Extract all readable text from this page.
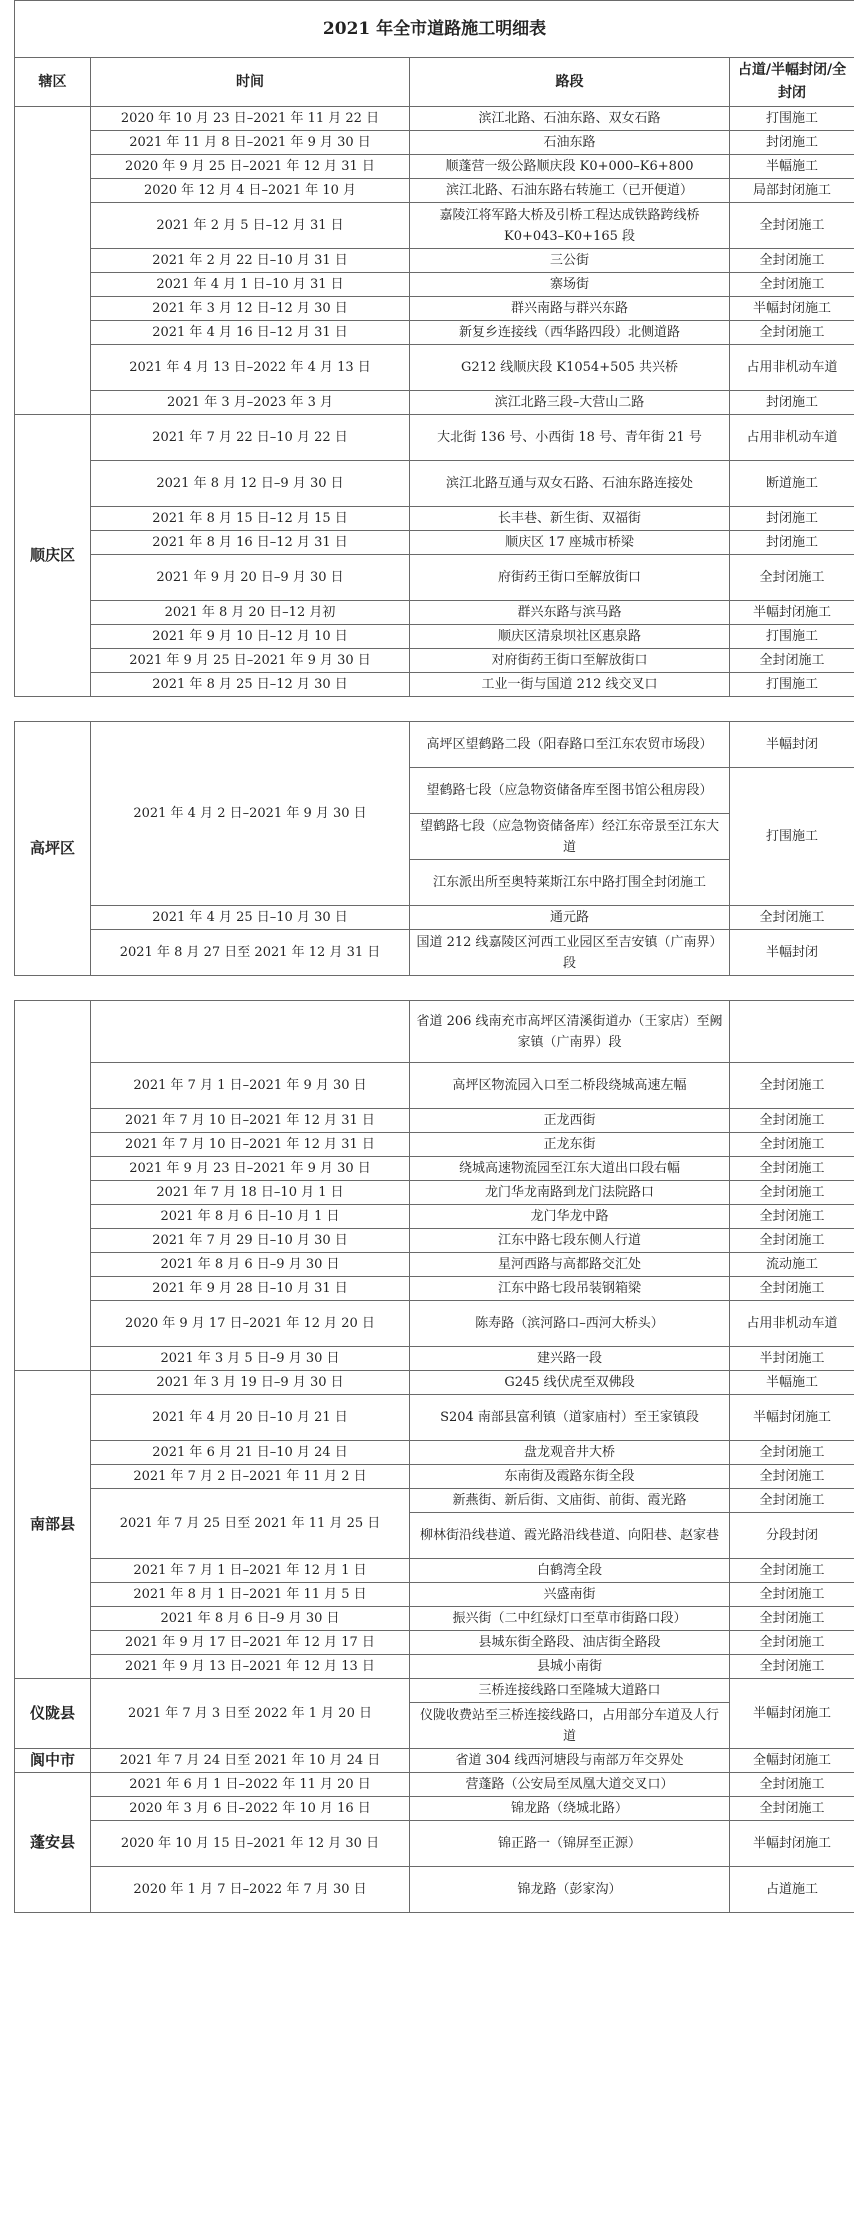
2021 年全市道路施工明细表			
辖区	时间	路段	占道/半幅封闭/全封闭
	2020 年 10 月 23 日–2021 年 11 月 22 日	滨江北路、石油东路、双女石路	打围施工
	2021 年 11 月 8 日–2021 年 9 月 30 日	石油东路	封闭施工
	2020 年 9 月 25 日–2021 年 12 月 31 日	顺蓬营一级公路顺庆段 K0+000–K6+800	半幅施工
	2020 年 12 月 4 日–2021 年 10 月	滨江北路、石油东路右转施工（已开便道）	局部封闭施工
	2021 年 2 月 5 日–12 月 31 日	嘉陵江将军路大桥及引桥工程达成铁路跨线桥 K0+043–K0+165 段	全封闭施工
	2021 年 2 月 22 日–10 月 31 日	三公街	全封闭施工
	2021 年 4 月 1 日–10 月 31 日	寨场街	全封闭施工
	2021 年 3 月 12 日–12 月 30 日	群兴南路与群兴东路	半幅封闭施工
	2021 年 4 月 16 日–12 月 31 日	新复乡连接线（西华路四段）北侧道路	全封闭施工
	2021 年 4 月 13 日–2022 年 4 月 13 日	G212 线顺庆段 K1054+505 共兴桥	占用非机动车道
	2021 年 3 月–2023 年 3 月	滨江北路三段–大营山二路	封闭施工
顺庆区	2021 年 7 月 22 日–10 月 22 日	大北街 136 号、小西街 18 号、青年街 21 号	占用非机动车道
	2021 年 8 月 12 日–9 月 30 日	滨江北路互通与双女石路、石油东路连接处	断道施工
	2021 年 8 月 15 日–12 月 15 日	长丰巷、新生街、双福街	封闭施工
	2021 年 8 月 16 日–12 月 31 日	顺庆区 17 座城市桥梁	封闭施工
	2021 年 9 月 20 日–9 月 30 日	府街药王街口至解放街口	全封闭施工
	2021 年 8 月 20 日–12 月初	群兴东路与滨马路	半幅封闭施工
	2021 年 9 月 10 日–12 月 10 日	顺庆区清泉坝社区惠泉路	打围施工
	2021 年 9 月 25 日–2021 年 9 月 30 日	对府街药王街口至解放街口	全封闭施工
	2021 年 8 月 25 日–12 月 30 日	工业一街与国道 212 线交叉口	打围施工

高坪区	2021 年 4 月 2 日–2021 年 9 月 30 日	高坪区望鹤路二段（阳春路口至江东农贸市场段）	半幅封闭
		望鹤路七段（应急物资储备库至图书馆公租房段）	打围施工
		望鹤路七段（应急物资储备库）经江东帝景至江东大道	
		江东派出所至奥特莱斯江东中路打围全封闭施工	
	2021 年 4 月 25 日–10 月 30 日	通元路	全封闭施工
	2021 年 8 月 27 日至 2021 年 12 月 31 日	国道 212 线嘉陵区河西工业园区至吉安镇（广南界）段	半幅封闭

		省道 206 线南充市高坪区清溪街道办（王家店）至阙家镇（广南界）段	
	2021 年 7 月 1 日–2021 年 9 月 30 日	高坪区物流园入口至二桥段绕城高速左幅	全封闭施工
	2021 年 7 月 10 日–2021 年 12 月 31 日	正龙西街	全封闭施工
	2021 年 7 月 10 日–2021 年 12 月 31 日	正龙东街	全封闭施工
	2021 年 9 月 23 日–2021 年 9 月 30 日	绕城高速物流园至江东大道出口段右幅	全封闭施工
	2021 年 7 月 18 日–10 月 1 日	龙门华龙南路到龙门法院路口	全封闭施工
	2021 年 8 月 6 日–10 月 1 日	龙门华龙中路	全封闭施工
	2021 年 7 月 29 日–10 月 30 日	江东中路七段东侧人行道	全封闭施工
	2021 年 8 月 6 日–9 月 30 日	星河西路与高都路交汇处	流动施工
	2021 年 9 月 28 日–10 月 31 日	江东中路七段吊装钢箱梁	全封闭施工
	2020 年 9 月 17 日–2021 年 12 月 20 日	陈寿路（滨河路口–西河大桥头）	占用非机动车道
	2021 年 3 月 5 日–9 月 30 日	建兴路一段	半封闭施工
南部县	2021 年 3 月 19 日–9 月 30 日	G245 线伏虎至双佛段	半幅施工
	2021 年 4 月 20 日–10 月 21 日	S204 南部县富利镇（道家庙村）至王家镇段	半幅封闭施工
	2021 年 6 月 21 日–10 月 24 日	盘龙观音井大桥	全封闭施工
	2021 年 7 月 2 日–2021 年 11 月 2 日	东南街及霞路东街全段	全封闭施工
	2021 年 7 月 25 日至 2021 年 11 月 25 日	新燕街、新后街、文庙街、前街、霞光路	全封闭施工
		柳林街沿线巷道、霞光路沿线巷道、向阳巷、赵家巷	分段封闭
	2021 年 7 月 1 日–2021 年 12 月 1 日	白鹤湾全段	全封闭施工
	2021 年 8 月 1 日–2021 年 11 月 5 日	兴盛南街	全封闭施工
	2021 年 8 月 6 日–9 月 30 日	振兴街（二中红绿灯口至草市街路口段）	全封闭施工
	2021 年 9 月 17 日–2021 年 12 月 17 日	县城东街全路段、油店街全路段	全封闭施工
	2021 年 9 月 13 日–2021 年 12 月 13 日	县城小南街	全封闭施工
仪陇县	2021 年 7 月 3 日至 2022 年 1 月 20 日	三桥连接线路口至隆城大道路口	半幅封闭施工
		仪陇收费站至三桥连接线路口，占用部分车道及人行道	
阆中市	2021 年 7 月 24 日至 2021 年 10 月 24 日	省道 304 线西河塘段与南部万年交界处	全幅封闭施工
蓬安县	2021 年 6 月 1 日–2022 年 11 月 20 日	营蓬路（公安局至凤凰大道交叉口）	全封闭施工
	2020 年 3 月 6 日–2022 年 10 月 16 日	锦龙路（绕城北路）	全封闭施工
	2020 年 10 月 15 日–2021 年 12 月 30 日	锦正路一（锦屏至正源）	半幅封闭施工
	2020 年 1 月 7 日–2022 年 7 月 30 日	锦龙路（彭家沟）	占道施工
